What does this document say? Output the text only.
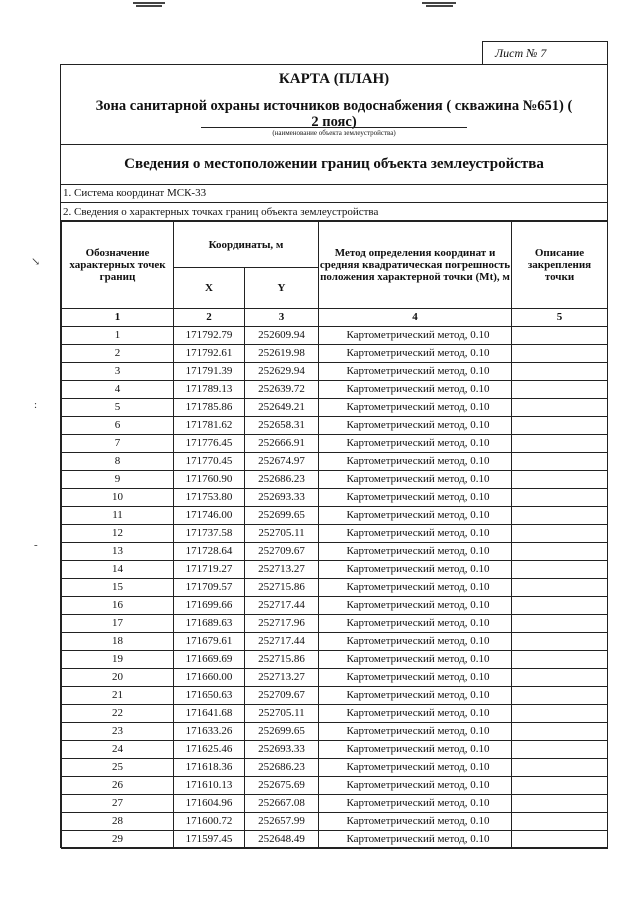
↘
:
-
Лист № 7
КАРТА (ПЛАН)
Зона санитарной охраны источников водоснабжения ( скважина №651) ( 2 пояс)
(наименование объекта землеустройства)
Сведения о местоположении границ объекта землеустройства
1. Система координат МСК-33
2. Сведения о характерных точках границ объекта землеустройства
Обозначение характерных точек границ	Координаты, м		Метод определения координат и средняя квадратическая погрешность положения характерной точки (Mt), м	Описание закрепления точки
	X	Y		
1	2	3	4	5
1	171792.79	252609.94	Картометрический метод, 0.10	
2	171792.61	252619.98	Картометрический метод, 0.10	
3	171791.39	252629.94	Картометрический метод, 0.10	
4	171789.13	252639.72	Картометрический метод, 0.10	
5	171785.86	252649.21	Картометрический метод, 0.10	
6	171781.62	252658.31	Картометрический метод, 0.10	
7	171776.45	252666.91	Картометрический метод, 0.10	
8	171770.45	252674.97	Картометрический метод, 0.10	
9	171760.90	252686.23	Картометрический метод, 0.10	
10	171753.80	252693.33	Картометрический метод, 0.10	
11	171746.00	252699.65	Картометрический метод, 0.10	
12	171737.58	252705.11	Картометрический метод, 0.10	
13	171728.64	252709.67	Картометрический метод, 0.10	
14	171719.27	252713.27	Картометрический метод, 0.10	
15	171709.57	252715.86	Картометрический метод, 0.10	
16	171699.66	252717.44	Картометрический метод, 0.10	
17	171689.63	252717.96	Картометрический метод, 0.10	
18	171679.61	252717.44	Картометрический метод, 0.10	
19	171669.69	252715.86	Картометрический метод, 0.10	
20	171660.00	252713.27	Картометрический метод, 0.10	
21	171650.63	252709.67	Картометрический метод, 0.10	
22	171641.68	252705.11	Картометрический метод, 0.10	
23	171633.26	252699.65	Картометрический метод, 0.10	
24	171625.46	252693.33	Картометрический метод, 0.10	
25	171618.36	252686.23	Картометрический метод, 0.10	
26	171610.13	252675.69	Картометрический метод, 0.10	
27	171604.96	252667.08	Картометрический метод, 0.10	
28	171600.72	252657.99	Картометрический метод, 0.10	
29	171597.45	252648.49	Картометрический метод, 0.10	
